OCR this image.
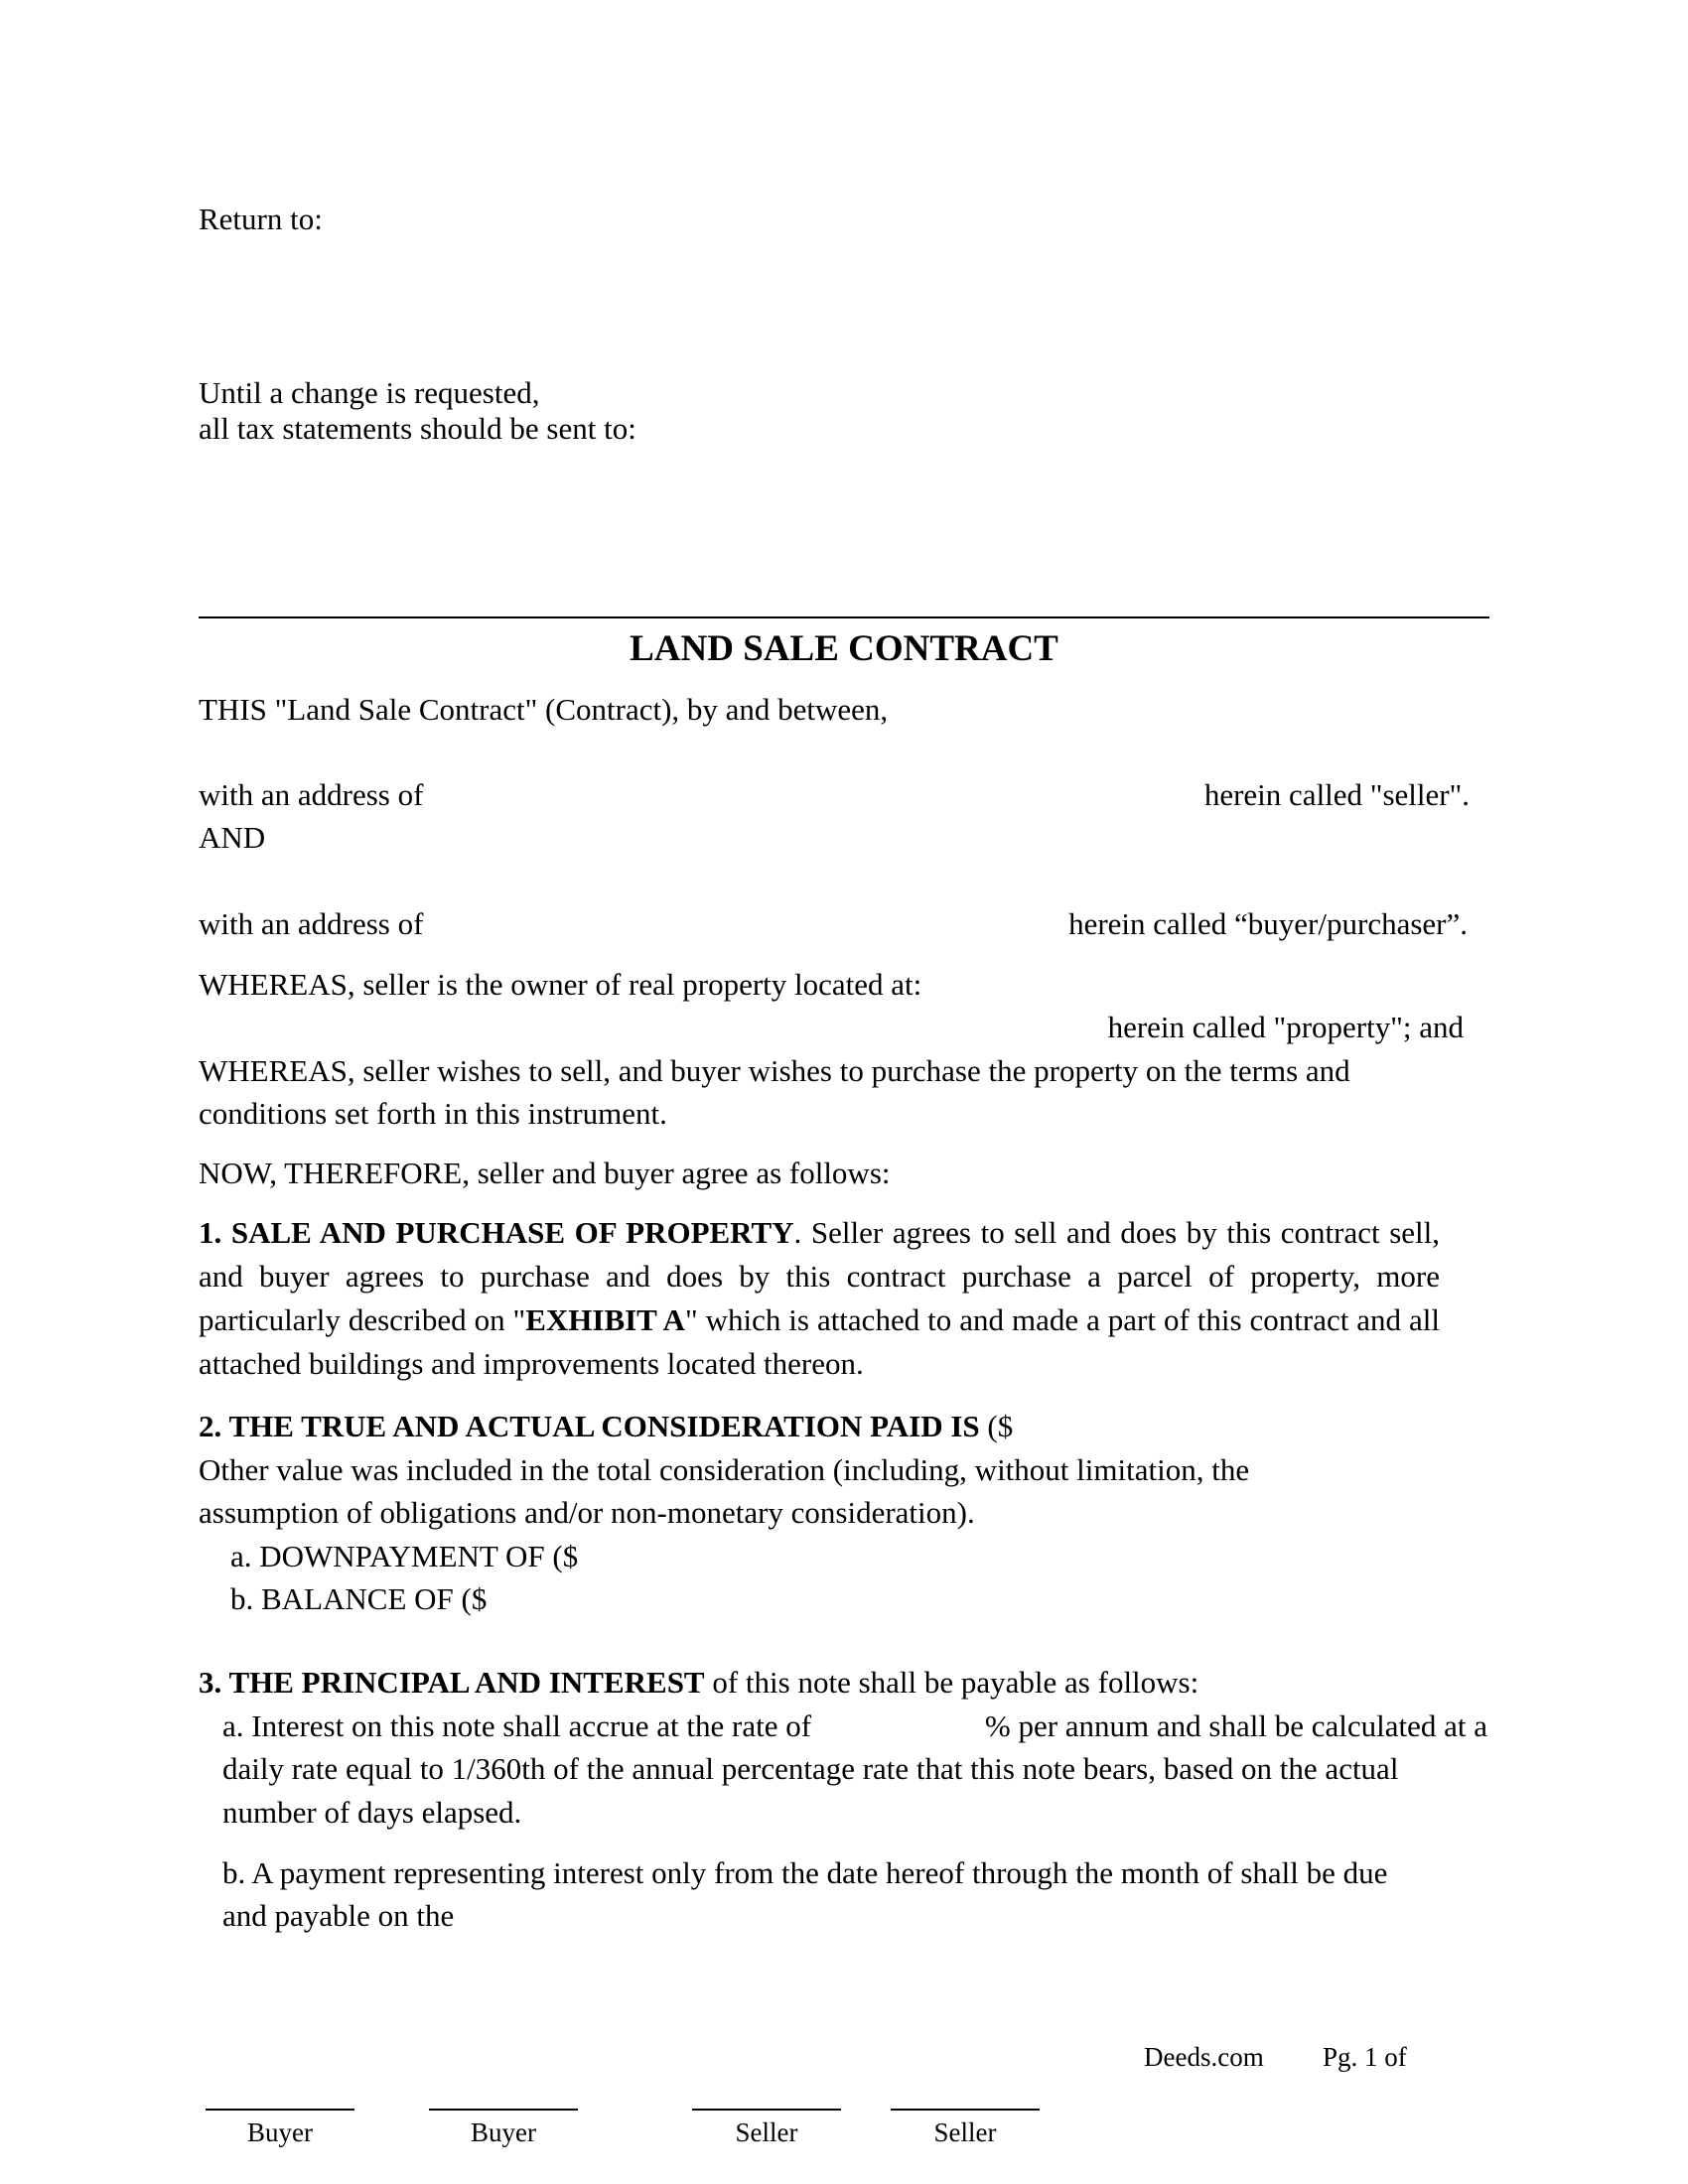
Return to:
Until a change is requested,
all tax statements should be sent to:
LAND SALE CONTRACT
THIS "Land Sale Contract" (Contract), by and between,
with an address of	herein called "seller".
AND
with an address of	herein called “buyer/purchaser”.
WHEREAS, seller is the owner of real property located at:
herein called "property"; and
WHEREAS, seller wishes to sell, and buyer wishes to purchase the property on the terms and
conditions set forth in this instrument.
NOW, THEREFORE, seller and buyer agree as follows:
1. SALE AND PURCHASE OF PROPERTY. Seller agrees to sell and does by this contract sell, and buyer agrees to purchase and does by this contract purchase a parcel of property, more particularly described on "EXHIBIT A" which is attached to and made a part of this contract and all attached buildings and improvements located thereon.
2. THE TRUE AND ACTUAL CONSIDERATION PAID IS ($
Other value was included in the total consideration (including, without limitation, the
assumption of obligations and/or non-monetary consideration).
a. DOWNPAYMENT OF ($
b. BALANCE OF ($
3. THE PRINCIPAL AND INTEREST of this note shall be payable as follows:
a. Interest on this note shall accrue at the rate of	% per annum and shall be calculated at a
daily rate equal to 1/360th of the annual percentage rate that this note bears, based on the actual
number of days elapsed.
b. A payment representing interest only from the date hereof through the month of shall be due
and payable on the
Deeds.com Pg. 1 of
Buyer	Buyer	Seller	Seller
